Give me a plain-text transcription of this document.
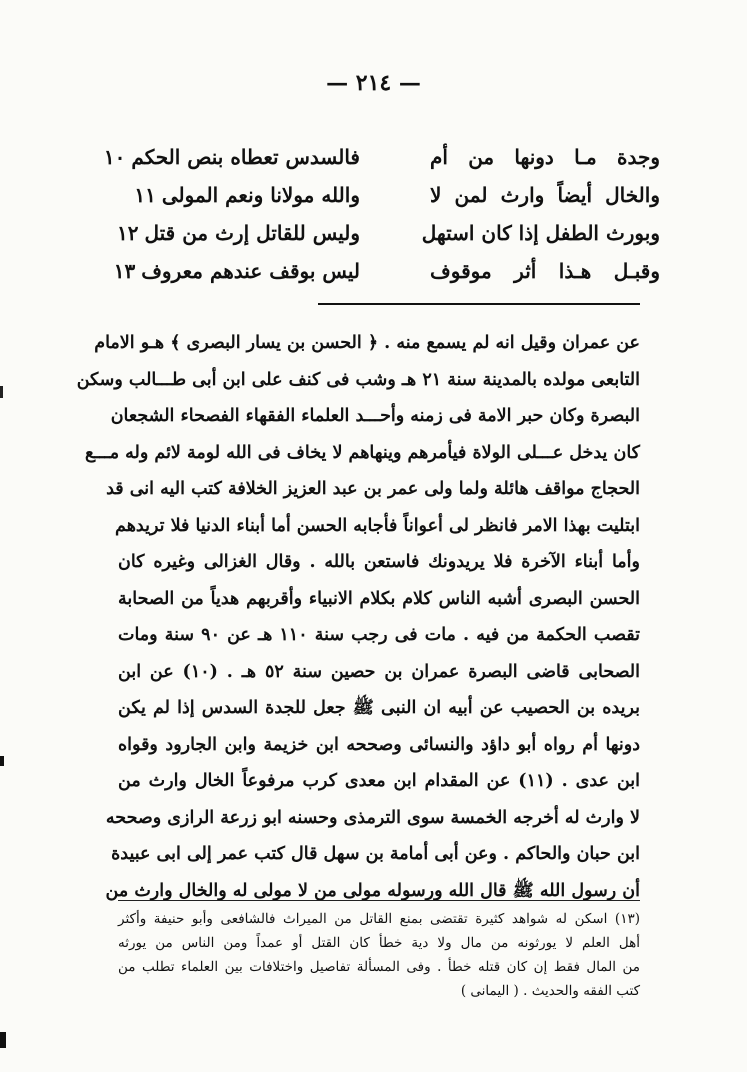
— ٢١٤ —
وجدة مـا دونها من أم
فالسدس تعطاه بنص الحكم١٠
والخال أيضاً وارث لمن لا
والله مولانا ونعم المولى١١
وبورث الطفل إذا كان استهل
وليس للقاتل إرث من قتل١٢
وقبـل هـذا أثر موقوف
ليس بوقف عندهم معروف١٣
عن عمران وقيل انه لم يسمع منه . ﴿ الحسن بن يسار البصرى ﴾ هـو الامام
التابعى مولده بالمدينة سنة ٢١ هـ وشب فى كنف على ابن أبى طـــالب وسكن
البصرة وكان حبر الامة فى زمنه وأحـــد العلماء الفقهاء الفصحاء الشجعان
كان يدخل عـــلى الولاة فيأمرهم وينهاهم لا يخاف فى الله لومة لائم وله مـــع
الحجاج مواقف هائلة ولما ولى عمر بن عبد العزيز الخلافة كتب اليه انى قد
ابتليت بهذا الامر فانظر لى أعواناً فأجابه الحسن أما أبناء الدنيا فلا تريدهم
وأما أبناء الآخرة فلا يريدونك فاستعن بالله . وقال الغزالى وغيره كان
الحسن البصرى أشبه الناس كلام بكلام الانبياء وأقربهم هدياً من الصحابة
تقصب الحكمة من فيه . مات فى رجب سنة ١١٠ هـ عن ٩٠ سنة ومات
الصحابى قاضى البصرة عمران بن حصين سنة ٥٢ هـ . (١٠) عن ابن
بريده بن الحصيب عن أبيه ان النبى ﷺ جعل للجدة السدس إذا لم يكن
دونها أم رواه أبو داؤد والنسائى وصححه ابن خزيمة وابن الجارود وقواه
ابن عدى . (١١) عن المقدام ابن معدى كرب مرفوعاً الخال وارث من
لا وارث له أخرجه الخمسة سوى الترمذى وحسنه ابو زرعة الرازى وصححه
ابن حبان والحاكم . وعن أبى أمامة بن سهل قال كتب عمر إلى ابى عبيدة
أن رسول الله ﷺ قال الله ورسوله مولى من لا مولى له والخال وارث من
(١٣) اسكن له شواهد كثيرة تقتضى بمنع القاتل من الميراث فالشافعى وأبو حنيفة وأكثر
أهل العلم لا يورثونه من مال ولا دية خطأ كان القتل أو عمداً ومن الناس من يورثه
من المال فقط إن كان قتله خطأ . وفى المسألة تفاصيل واختلافات بين العلماء تطلب من
كتب الفقه والحديث . ( اليمانى )
